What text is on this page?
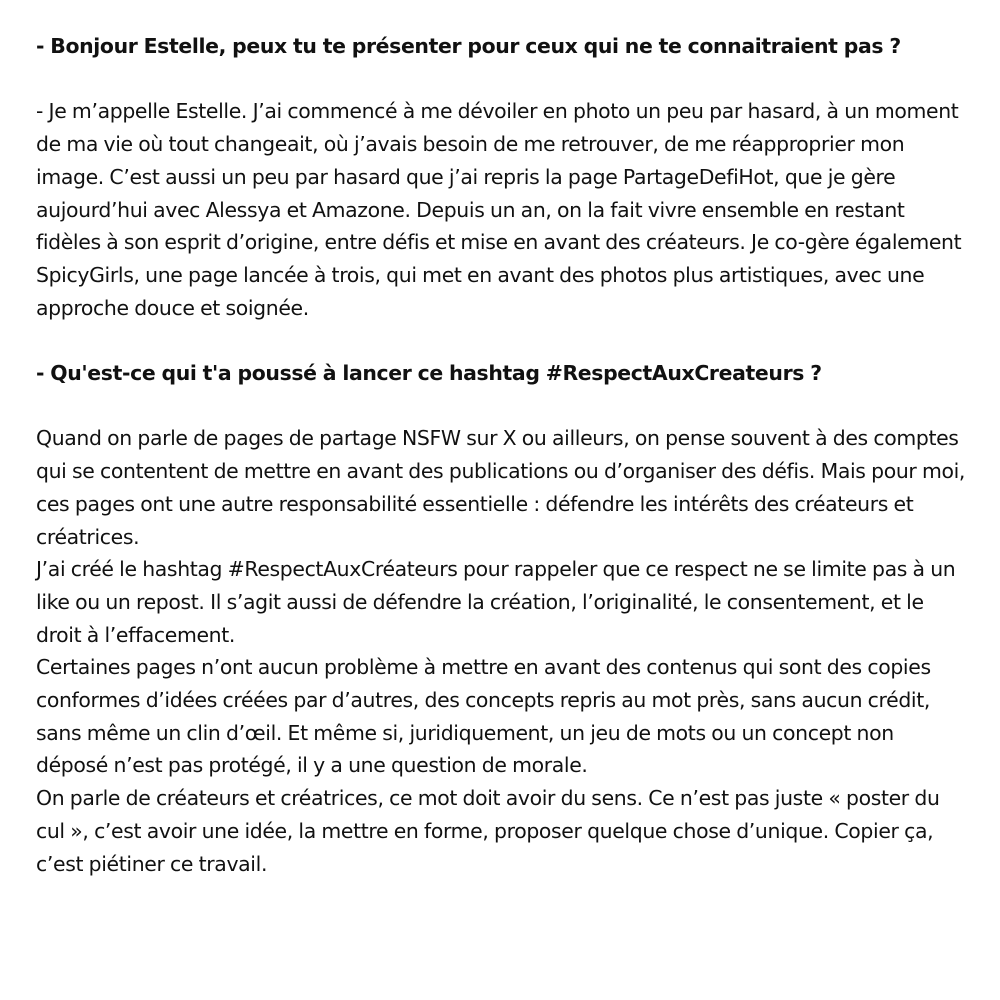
- Bonjour Estelle, peux tu te présenter pour ceux qui ne te connaitraient pas ?

- Je m’appelle Estelle. J’ai commencé à me dévoiler en photo un peu par hasard, à un moment de ma vie où tout changeait, où j’avais besoin de me retrouver, de me réapproprier mon image. C’est aussi un peu par hasard que j’ai repris la page PartageDefiHot, que je gère aujourd’hui avec Alessya et Amazone. Depuis un an, on la fait vivre ensemble en restant fidèles à son esprit d’origine, entre défis et mise en avant des créateurs. Je co-gère également SpicyGirls, une page lancée à trois, qui met en avant des photos plus artistiques, avec une approche douce et soignée.

- Qu'est-ce qui t'a poussé à lancer ce hashtag #RespectAuxCreateurs ?

Quand on parle de pages de partage NSFW sur X ou ailleurs, on pense souvent à des comptes qui se contentent de mettre en avant des publications ou d’organiser des défis. Mais pour moi, ces pages ont une autre responsabilité essentielle : défendre les intérêts des créateurs et créatrices.

J’ai créé le hashtag #RespectAuxCréateurs pour rappeler que ce respect ne se limite pas à un like ou un repost. Il s’agit aussi de défendre la création, l’originalité, le consentement, et le droit à l’effacement.

Certaines pages n’ont aucun problème à mettre en avant des contenus qui sont des copies conformes d’idées créées par d’autres, des concepts repris au mot près, sans aucun crédit, sans même un clin d’œil. Et même si, juridiquement, un jeu de mots ou un concept non déposé n’est pas protégé, il y a une question de morale.

On parle de créateurs et créatrices, ce mot doit avoir du sens. Ce n’est pas juste « poster du cul », c’est avoir une idée, la mettre en forme, proposer quelque chose d’unique. Copier ça, c’est piétiner ce travail.
